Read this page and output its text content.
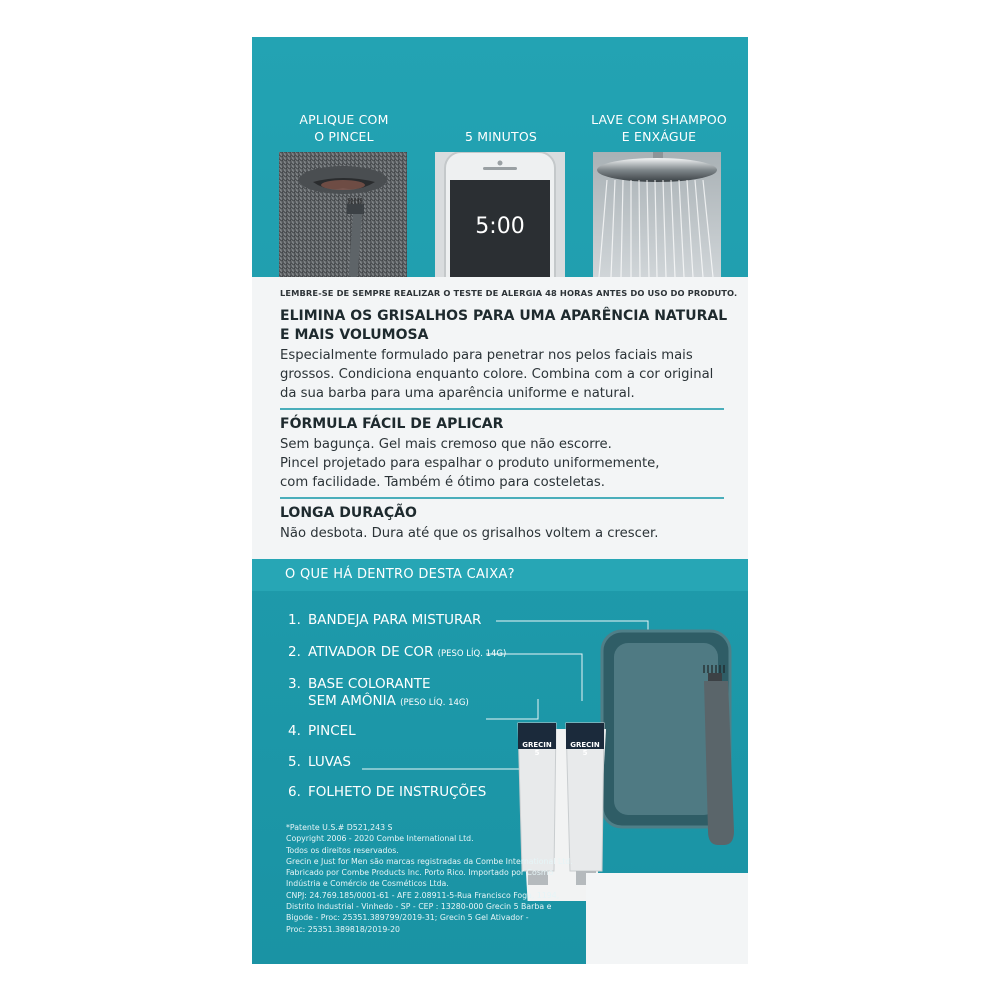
APLIQUE COM
O PINCEL	5 MINUTOS
LAVE COM SHAMPOO
E ENXÁGUE
5:00
LEMBRE-SE DE SEMPRE REALIZAR O TESTE DE ALERGIA 48 HORAS ANTES DO USO DO PRODUTO.
ELIMINA OS GRISALHOS PARA UMA APARÊNCIA NATURAL
E MAIS VOLUMOSA
Especialmente formulado para penetrar nos pelos faciais mais
grossos. Condiciona enquanto colore. Combina com a cor original
da sua barba para uma aparência uniforme e natural.
FÓRMULA FÁCIL DE APLICAR
Sem bagunça. Gel mais cremoso que não escorre.
Pincel projetado para espalhar o produto uniformemente,
com facilidade. Também é ótimo para costeletas.
LONGA DURAÇÃO
Não desbota. Dura até que os grisalhos voltem a crescer.
O QUE HÁ DENTRO DESTA CAIXA?
1. BANDEJA PARA MISTURAR
2. ATIVADOR DE COR (PESO LÍQ. 14G)
3. BASE COLORANTE
SEM AMÔNIA (PESO LÍQ. 14G)
4. PINCEL
5. LUVAS
6. FOLHETO DE INSTRUÇÕES
GRECIN 5
GRECIN 5
*Patente U.S.# D521,243 S
Copyright 2006 - 2020 Combe International Ltd.
Todos os direitos reservados.
Grecin e Just for Men são marcas registradas da Combe International Ltd.
Fabricado por Combe Products Inc. Porto Rico. Importado por Cosmo
Indústria e Comércio de Cosméticos Ltda.
CNPJ: 24.769.185/0001-61 - AFE 2.08911-5-Rua Francisco Foga, 1194,
Distrito Industrial - Vinhedo - SP - CEP : 13280-000 Grecin 5 Barba e
Bigode - Proc: 25351.389799/2019-31; Grecin 5 Gel Ativador -
Proc: 25351.389818/2019-20
